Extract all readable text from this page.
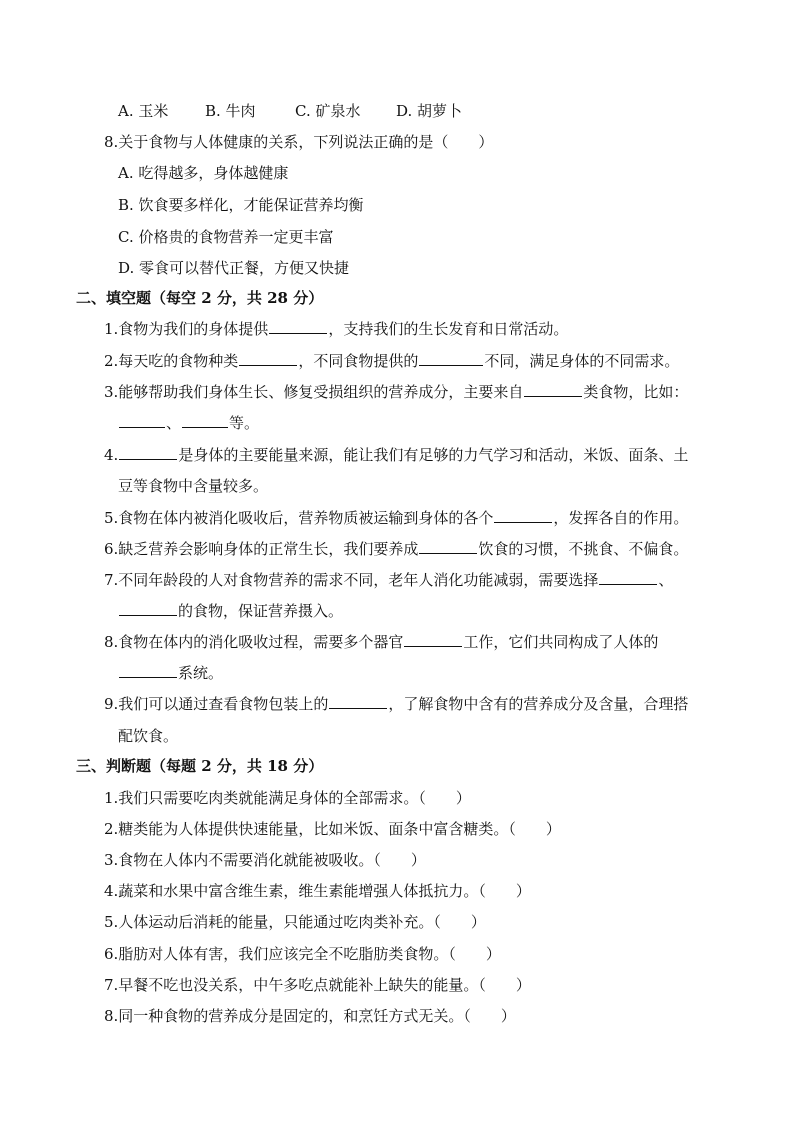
A. 玉米 B. 牛肉	C. 矿泉水 D. 胡萝卜
8.关于食物与人体健康的关系，下列说法正确的是（　　）
A. 吃得越多，身体越健康
B. 饮食要多样化，才能保证营养均衡
C. 价格贵的食物营养一定更丰富
D. 零食可以替代正餐，方便又快捷
二、填空题（每空 2 分，共 28 分）
1.食物为我们的身体提供	，支持我们的生长发育和日常活动。
2.每天吃的食物种类	，不同食物提供的	不同，满足身体的不同需求。
3.能够帮助我们身体生长、修复受损组织的营养成分，主要来自	类食物，比如：
、	等。
4.	是身体的主要能量来源，能让我们有足够的力气学习和活动，米饭、面条、土
豆等食物中含量较多。
5.食物在体内被消化吸收后，营养物质被运输到身体的各个	，发挥各自的作用。
6.缺乏营养会影响身体的正常生长，我们要养成	饮食的习惯，不挑食、不偏食。
7.不同年龄段的人对食物营养的需求不同，老年人消化功能减弱，需要选择	、
的食物，保证营养摄入。
8.食物在体内的消化吸收过程，需要多个器官	工作，它们共同构成了人体的
系统。
9.我们可以通过查看食物包装上的	，了解食物中含有的营养成分及含量，合理搭
配饮食。
三、判断题（每题 2 分，共 18 分）
1.我们只需要吃肉类就能满足身体的全部需求。（　　）
2.糖类能为人体提供快速能量，比如米饭、面条中富含糖类。（　　）
3.食物在人体内不需要消化就能被吸收。（　　）
4.蔬菜和水果中富含维生素，维生素能增强人体抵抗力。（　　）
5.人体运动后消耗的能量，只能通过吃肉类补充。（　　）
6.脂肪对人体有害，我们应该完全不吃脂肪类食物。（　　）
7.早餐不吃也没关系，中午多吃点就能补上缺失的能量。（　　）
8.同一种食物的营养成分是固定的，和烹饪方式无关。（　　）
